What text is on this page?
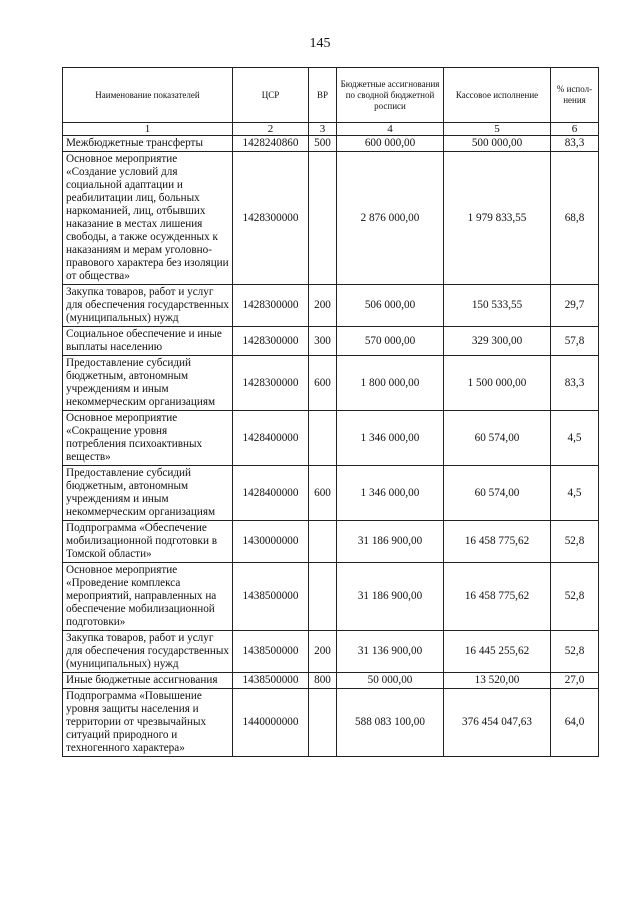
145
Наименование показателей	ЦСР	ВР	Бюджетные ассигнования по сводной бюджетной росписи	Кассовое исполнение	% испол-нения
1	2	3	4	5	6
Межбюджетные трансферты	1428240860	500	600 000,00	500 000,00	83,3
Основное мероприятие «Создание условий для социальной адаптации и реабилитации лиц, больных наркоманией, лиц, отбывших наказание в местах лишения свободы, а также осужденных к наказаниям и мерам уголовно-правового характера без изоляции от общества»	1428300000		2 876 000,00	1 979 833,55	68,8
Закупка товаров, работ и услуг для обеспечения государственных (муниципальных) нужд	1428300000	200	506 000,00	150 533,55	29,7
Социальное обеспечение и иные выплаты населению	1428300000	300	570 000,00	329 300,00	57,8
Предоставление субсидий бюджетным, автономным учреждениям и иным некоммерческим организациям	1428300000	600	1 800 000,00	1 500 000,00	83,3
Основное мероприятие «Сокращение уровня потребления психоактивных веществ»	1428400000		1 346 000,00	60 574,00	4,5
Предоставление субсидий бюджетным, автономным учреждениям и иным некоммерческим организациям	1428400000	600	1 346 000,00	60 574,00	4,5
Подпрограмма «Обеспечение мобилизационной подготовки в Томской области»	1430000000		31 186 900,00	16 458 775,62	52,8
Основное мероприятие «Проведение комплекса мероприятий, направленных на обеспечение мобилизационной подготовки»	1438500000		31 186 900,00	16 458 775,62	52,8
Закупка товаров, работ и услуг для обеспечения государственных (муниципальных) нужд	1438500000	200	31 136 900,00	16 445 255,62	52,8
Иные бюджетные ассигнования	1438500000	800	50 000,00	13 520,00	27,0
Подпрограмма «Повышение уровня защиты населения и территории от чрезвычайных ситуаций природного и техногенного характера»	1440000000		588 083 100,00	376 454 047,63	64,0
